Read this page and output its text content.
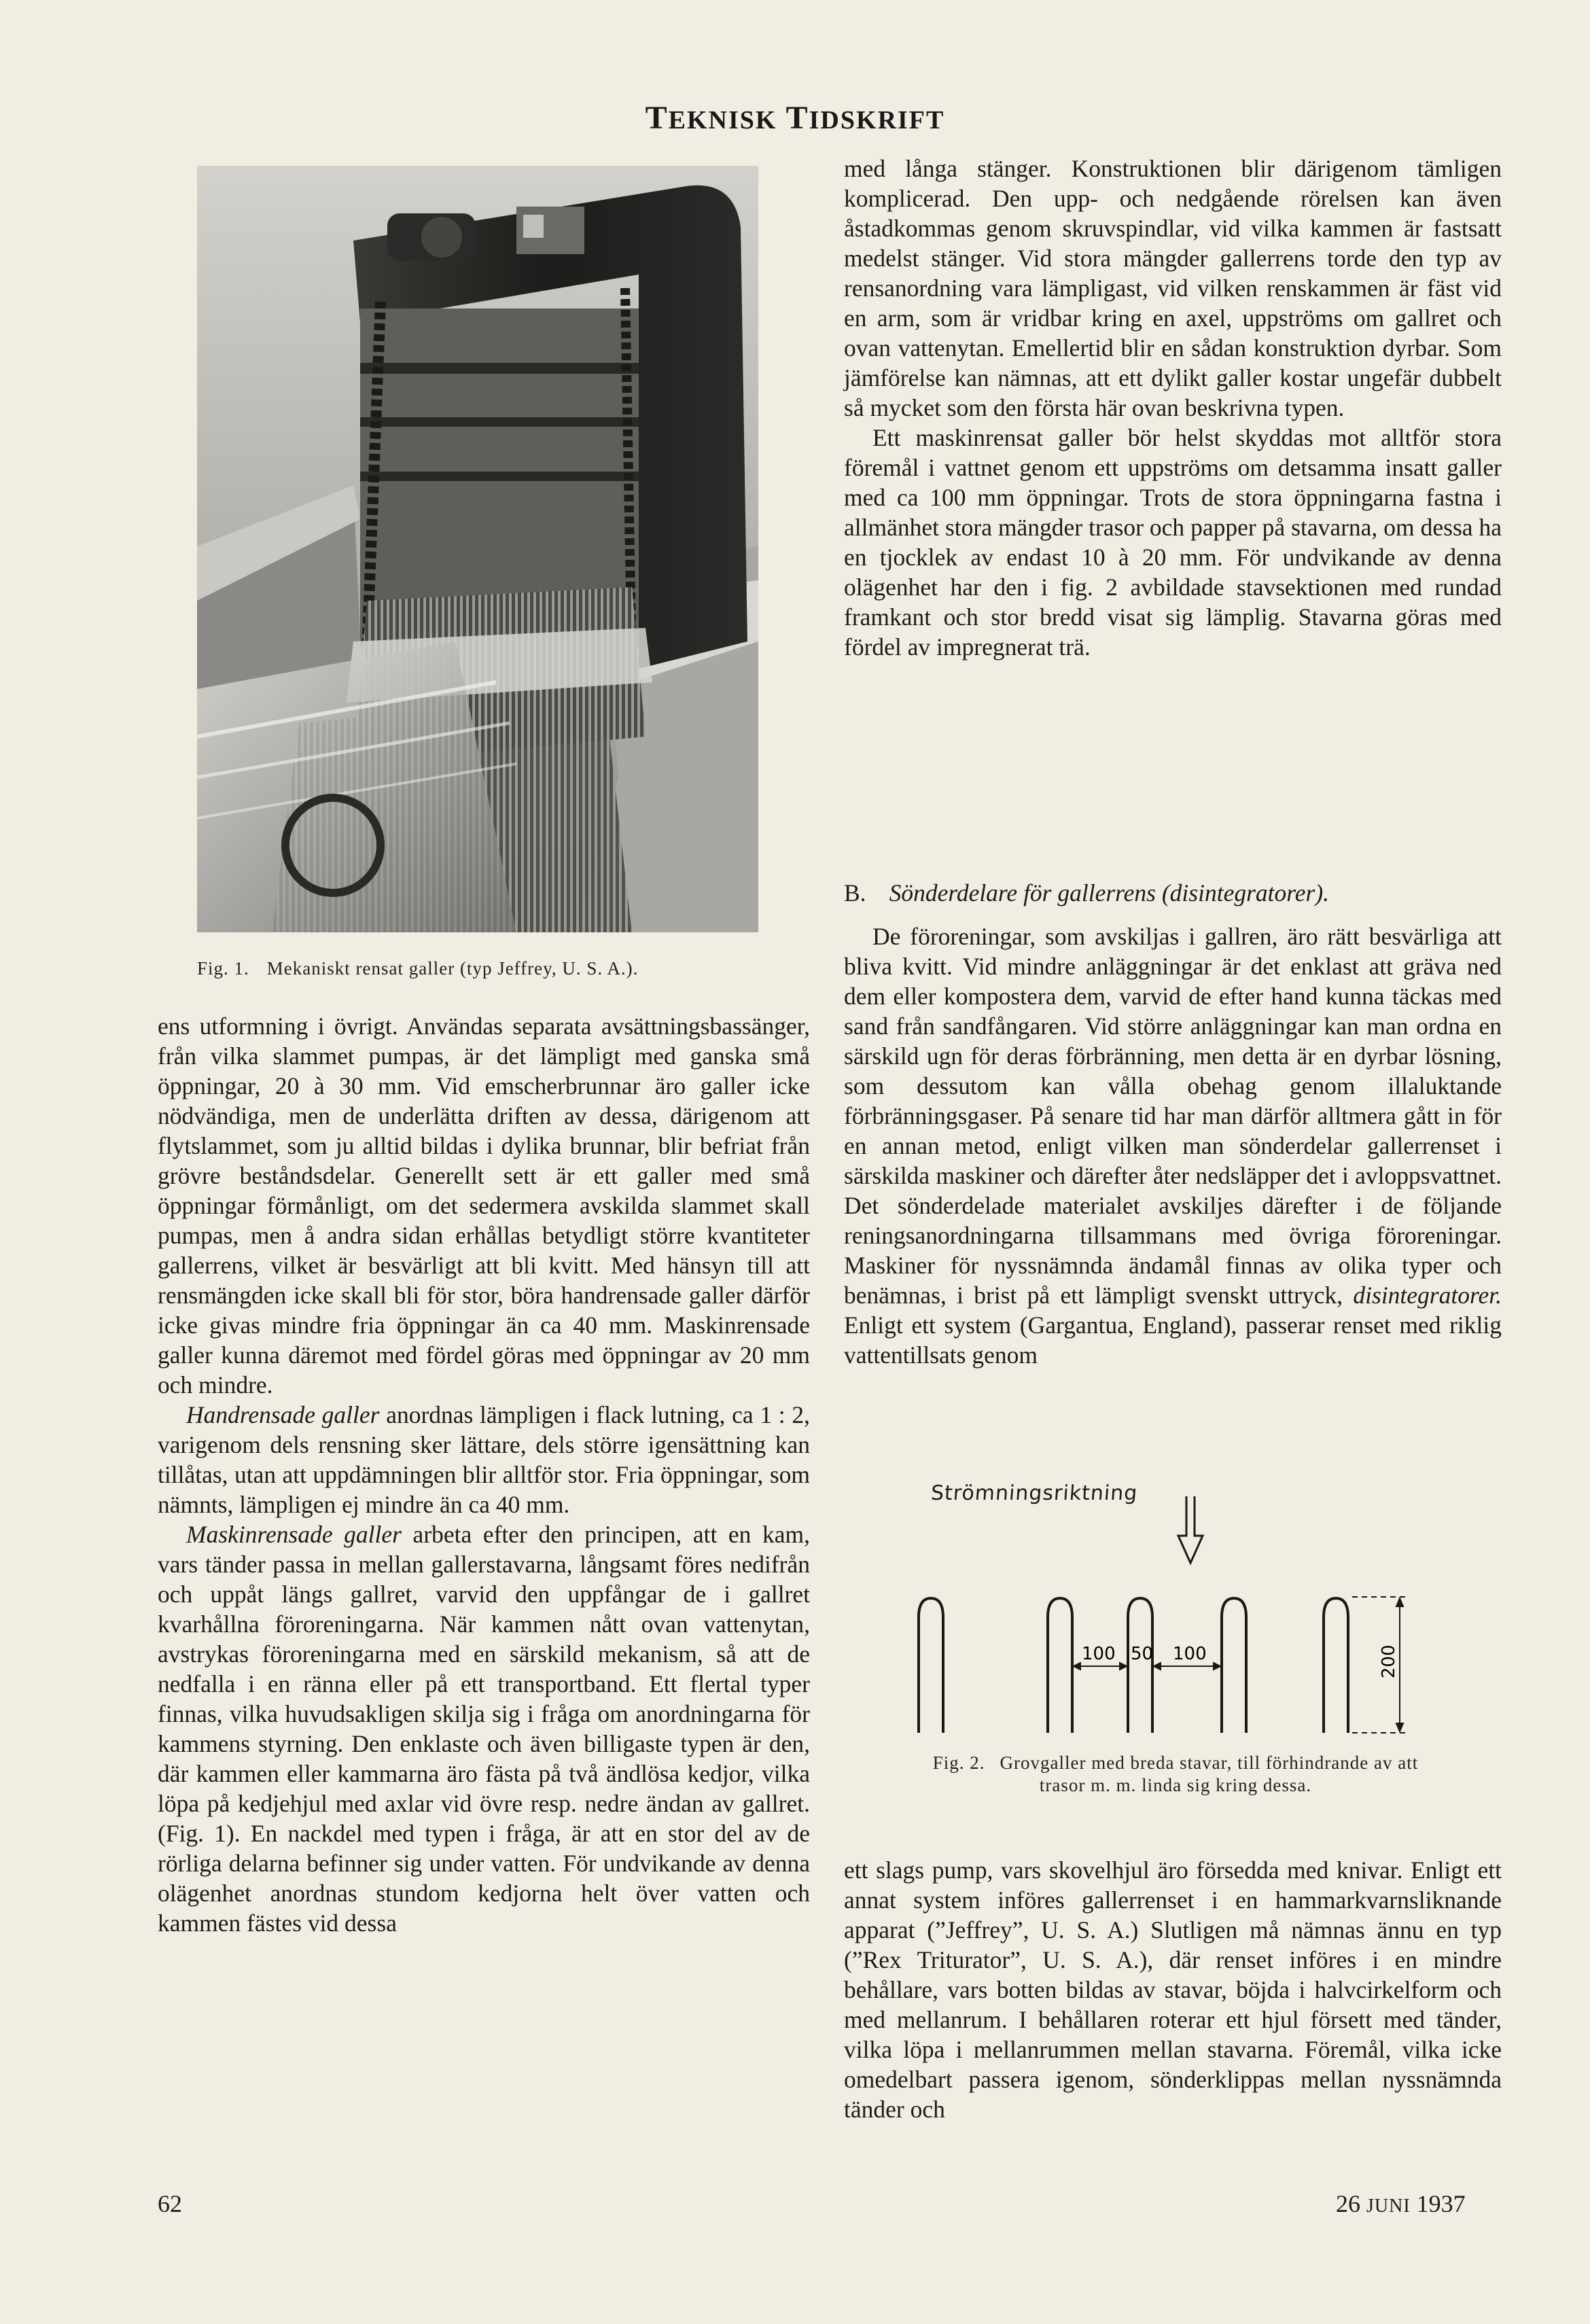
TEKNISK TIDSKRIFT
Fig. 1. Mekaniskt rensat galler (typ Jeffrey, U. S. A.).

med långa stänger. Konstruktionen blir därigenom tämligen komplicerad. Den upp- och nedgående rörelsen kan även åstadkommas genom skruvspindlar, vid vilka kammen är fastsatt medelst stänger. Vid stora mängder gallerrens torde den typ av rensanordning vara lämpligast, vid vilken renskammen är fäst vid en arm, som är vridbar kring en axel, uppströms om gallret och ovan vattenytan. Emellertid blir en sådan konstruktion dyrbar. Som jämförelse kan nämnas, att ett dylikt galler kostar ungefär dubbelt så mycket som den första här ovan beskrivna typen.

Ett maskinrensat galler bör helst skyddas mot alltför stora föremål i vattnet genom ett uppströms om detsamma insatt galler med ca 100 mm öppningar. Trots de stora öppningarna fastna i allmänhet stora mängder trasor och papper på stavarna, om dessa ha en tjocklek av endast 10 à 20 mm. För undvikande av denna olägenhet har den i fig. 2 avbildade stavsektionen med rundad framkant och stor bredd visat sig lämplig. Stavarna göras med fördel av impregnerat trä.

B. Sönderdelare för gallerrens (disintegratorer).

De föroreningar, som avskiljas i gallren, äro rätt besvärliga att bliva kvitt. Vid mindre anläggningar är det enklast att gräva ned dem eller kompostera dem, varvid de efter hand kunna täckas med sand från sandfångaren. Vid större anläggningar kan man ordna en särskild ugn för deras förbränning, men detta är en dyrbar lösning, som dessutom kan vålla obehag genom illaluktande förbränningsgaser. På senare tid har man därför alltmera gått in för en annan metod, enligt vilken man sönderdelar gallerrenset i särskilda maskiner och därefter åter nedsläpper det i avloppsvattnet. Det sönderdelade materialet avskiljes därefter i de följande reningsanordningarna tillsammans med övriga föroreningar. Maskiner för nyssnämnda ändamål finnas av olika typer och benämnas, i brist på ett lämpligt svenskt uttryck, disintegratorer. Enligt ett system (Gargantua, England), passerar renset med riklig vattentillsats genom

Strömningsriktning
100 50 100	200
Fig. 2. Grovgaller med breda stavar, till förhindrande av att trasor m. m. linda sig kring dessa.

ett slags pump, vars skovelhjul äro försedda med knivar. Enligt ett annat system införes gallerrenset i en hammarkvarnsliknande apparat (”Jeffrey”, U. S. A.) Slutligen må nämnas ännu en typ (”Rex Triturator”, U. S. A.), där renset införes i en mindre behållare, vars botten bildas av stavar, böjda i halvcirkelform och med mellanrum. I behållaren roterar ett hjul försett med tänder, vilka löpa i mellanrummen mellan stavarna. Föremål, vilka icke omedelbart passera igenom, sönderklippas mellan nyssnämnda tänder och

ens utformning i övrigt. Användas separata avsättningsbassänger, från vilka slammet pumpas, är det lämpligt med ganska små öppningar, 20 à 30 mm. Vid emscherbrunnar äro galler icke nödvändiga, men de underlätta driften av dessa, därigenom att flytslammet, som ju alltid bildas i dylika brunnar, blir befriat från grövre beståndsdelar. Generellt sett är ett galler med små öppningar förmånligt, om det sedermera avskilda slammet skall pumpas, men å andra sidan erhållas betydligt större kvantiteter gallerrens, vilket är besvärligt att bli kvitt. Med hänsyn till att rensmängden icke skall bli för stor, böra handrensade galler därför icke givas mindre fria öppningar än ca 40 mm. Maskinrensade galler kunna däremot med fördel göras med öppningar av 20 mm och mindre.

Handrensade galler anordnas lämpligen i flack lutning, ca 1 : 2, varigenom dels rensning sker lättare, dels större igensättning kan tillåtas, utan att uppdämningen blir alltför stor. Fria öppningar, som nämnts, lämpligen ej mindre än ca 40 mm.

Maskinrensade galler arbeta efter den principen, att en kam, vars tänder passa in mellan gallerstavarna, långsamt föres nedifrån och uppåt längs gallret, varvid den uppfångar de i gallret kvarhållna föroreningarna. När kammen nått ovan vattenytan, avstrykas föroreningarna med en särskild mekanism, så att de nedfalla i en ränna eller på ett transportband. Ett flertal typer finnas, vilka huvudsakligen skilja sig i fråga om anordningarna för kammens styrning. Den enklaste och även billigaste typen är den, där kammen eller kammarna äro fästa på två ändlösa kedjor, vilka löpa på kedjehjul med axlar vid övre resp. nedre ändan av gallret. (Fig. 1). En nackdel med typen i fråga, är att en stor del av de rörliga delarna befinner sig under vatten. För undvikande av denna olägenhet anordnas stundom kedjorna helt över vatten och kammen fästes vid dessa

62	26 JUNI 1937
